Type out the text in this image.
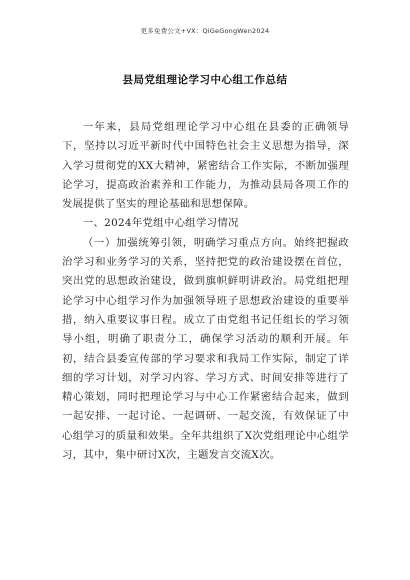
更多免费公文+VX：QiGeGongWen2024
县局党组理论学习中心组工作总结

一年来，县局党组理论学习中心组在县委的正确领导下，坚持以习近平新时代中国特色社会主义思想为指导，深入学习贯彻党的XX大精神，紧密结合工作实际，不断加强理论学习，提高政治素养和工作能力，为推动县局各项工作的发展提供了坚实的理论基础和思想保障。

一、2024年党组中心组学习情况

（一）加强统筹引领，明确学习重点方向。始终把握政治学习和业务学习的关系，坚持把党的政治建设摆在首位，突出党的思想政治建设，做到旗帜鲜明讲政治。局党组把理论学习中心组学习作为加强领导班子思想政治建设的重要举措，纳入重要议事日程。成立了由党组书记任组长的学习领导小组，明确了职责分工，确保学习活动的顺利开展。年初，结合县委宣传部的学习要求和我局工作实际，制定了详细的学习计划，对学习内容、学习方式、时间安排等进行了精心策划，同时把理论学习与中心工作紧密结合起来，做到一起安排、一起讨论、一起调研、一起交流，有效保证了中心组学习的质量和效果。全年共组织了X次党组理论中心组学习，其中，集中研讨X次，主题发言交流X次。
